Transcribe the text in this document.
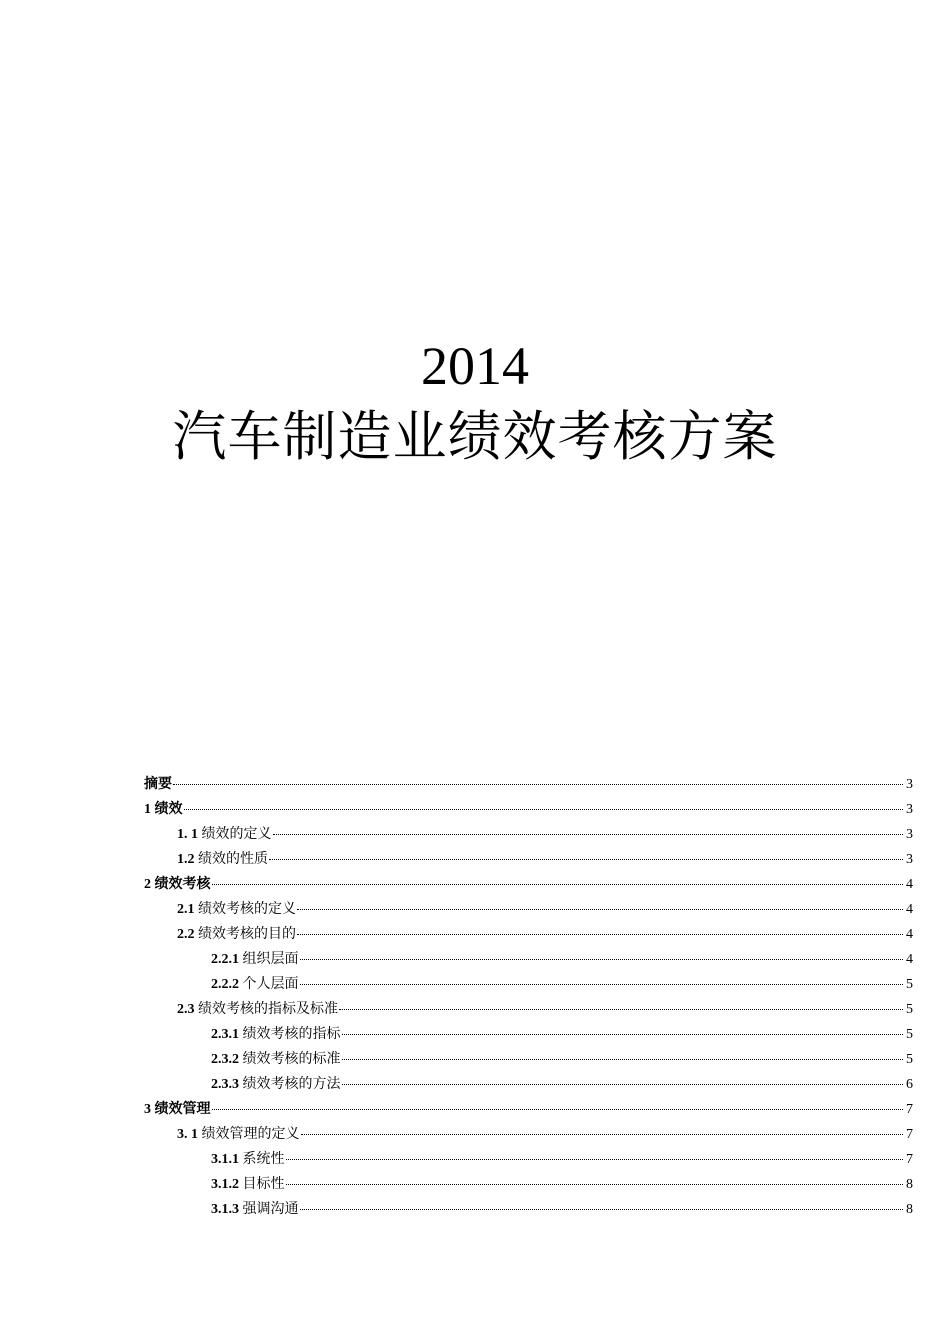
2014
汽车制造业绩效考核方案
摘要	3
1 绩效	3
1. 1 绩效的定义	3
1.2 绩效的性质	3
2 绩效考核	4
2.1 绩效考核的定义	4
2.2 绩效考核的目的	4
2.2.1 组织层面	4
2.2.2 个人层面	5
2.3 绩效考核的指标及标准	5
2.3.1 绩效考核的指标	5
2.3.2 绩效考核的标准	5
2.3.3 绩效考核的方法	6
3 绩效管理	7
3. 1 绩效管理的定义	7
3.1.1 系统性	7
3.1.2 目标性	8
3.1.3 强调沟通	8
